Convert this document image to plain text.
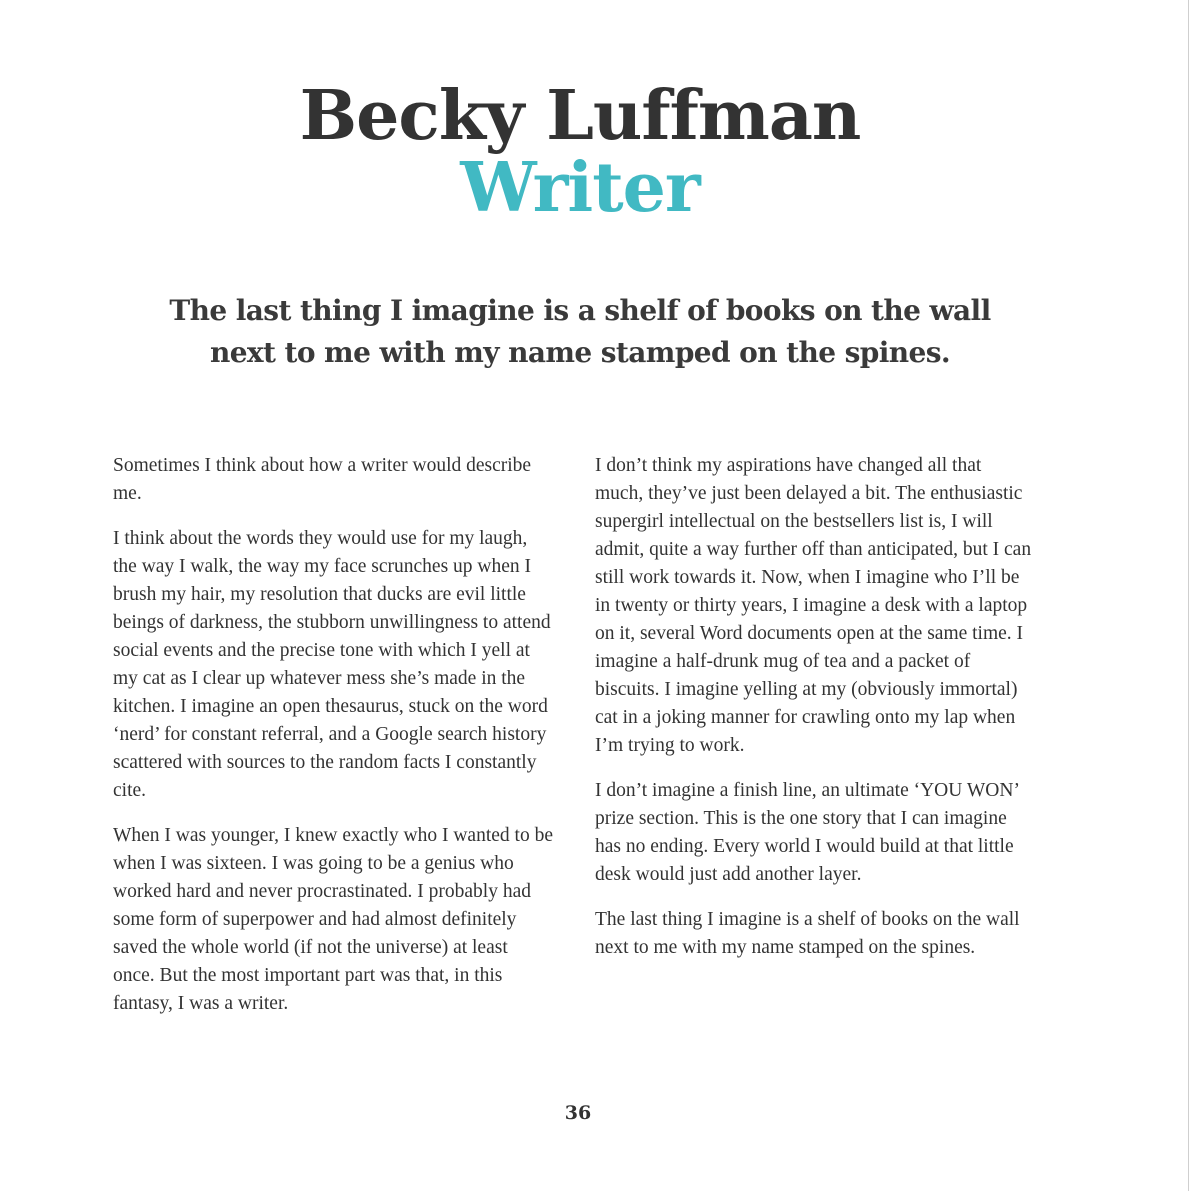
Becky Luffman
Writer
The last thing I imagine is a shelf of books on the wall
next to me with my name stamped on the spines.

Sometimes I think about how a writer would describe me.

I think about the words they would use for my laugh, the way I walk, the way my face scrunches up when I brush my hair, my resolution that ducks are evil little beings of darkness, the stubborn unwillingness to attend social events and the precise tone with which I yell at my cat as I clear up whatever mess she’s made in the kitchen. I imagine an open thesaurus, stuck on the word ‘nerd’ for constant referral, and a Google search history scattered with sources to the random facts I constantly cite.

When I was younger, I knew exactly who I wanted to be when I was sixteen. I was going to be a genius who worked hard and never procrastinated. I probably had some form of superpower and had almost definitely saved the whole world (if not the universe) at least once. But the most important part was that, in this fantasy, I was a writer.

I don’t think my aspirations have changed all that much, they’ve just been delayed a bit. The enthusiastic supergirl intellectual on the bestsellers list is, I will admit, quite a way further off than anticipated, but I can still work towards it. Now, when I imagine who I’ll be in twenty or thirty years, I imagine a desk with a laptop on it, several Word documents open at the same time. I imagine a half-drunk mug of tea and a packet of biscuits. I imagine yelling at my (obviously immortal) cat in a joking manner for crawling onto my lap when I’m trying to work.

I don’t imagine a finish line, an ultimate ‘YOU WON’ prize section. This is the one story that I can imagine has no ending. Every world I would build at that little desk would just add another layer.

The last thing I imagine is a shelf of books on the wall next to me with my name stamped on the spines.

36
